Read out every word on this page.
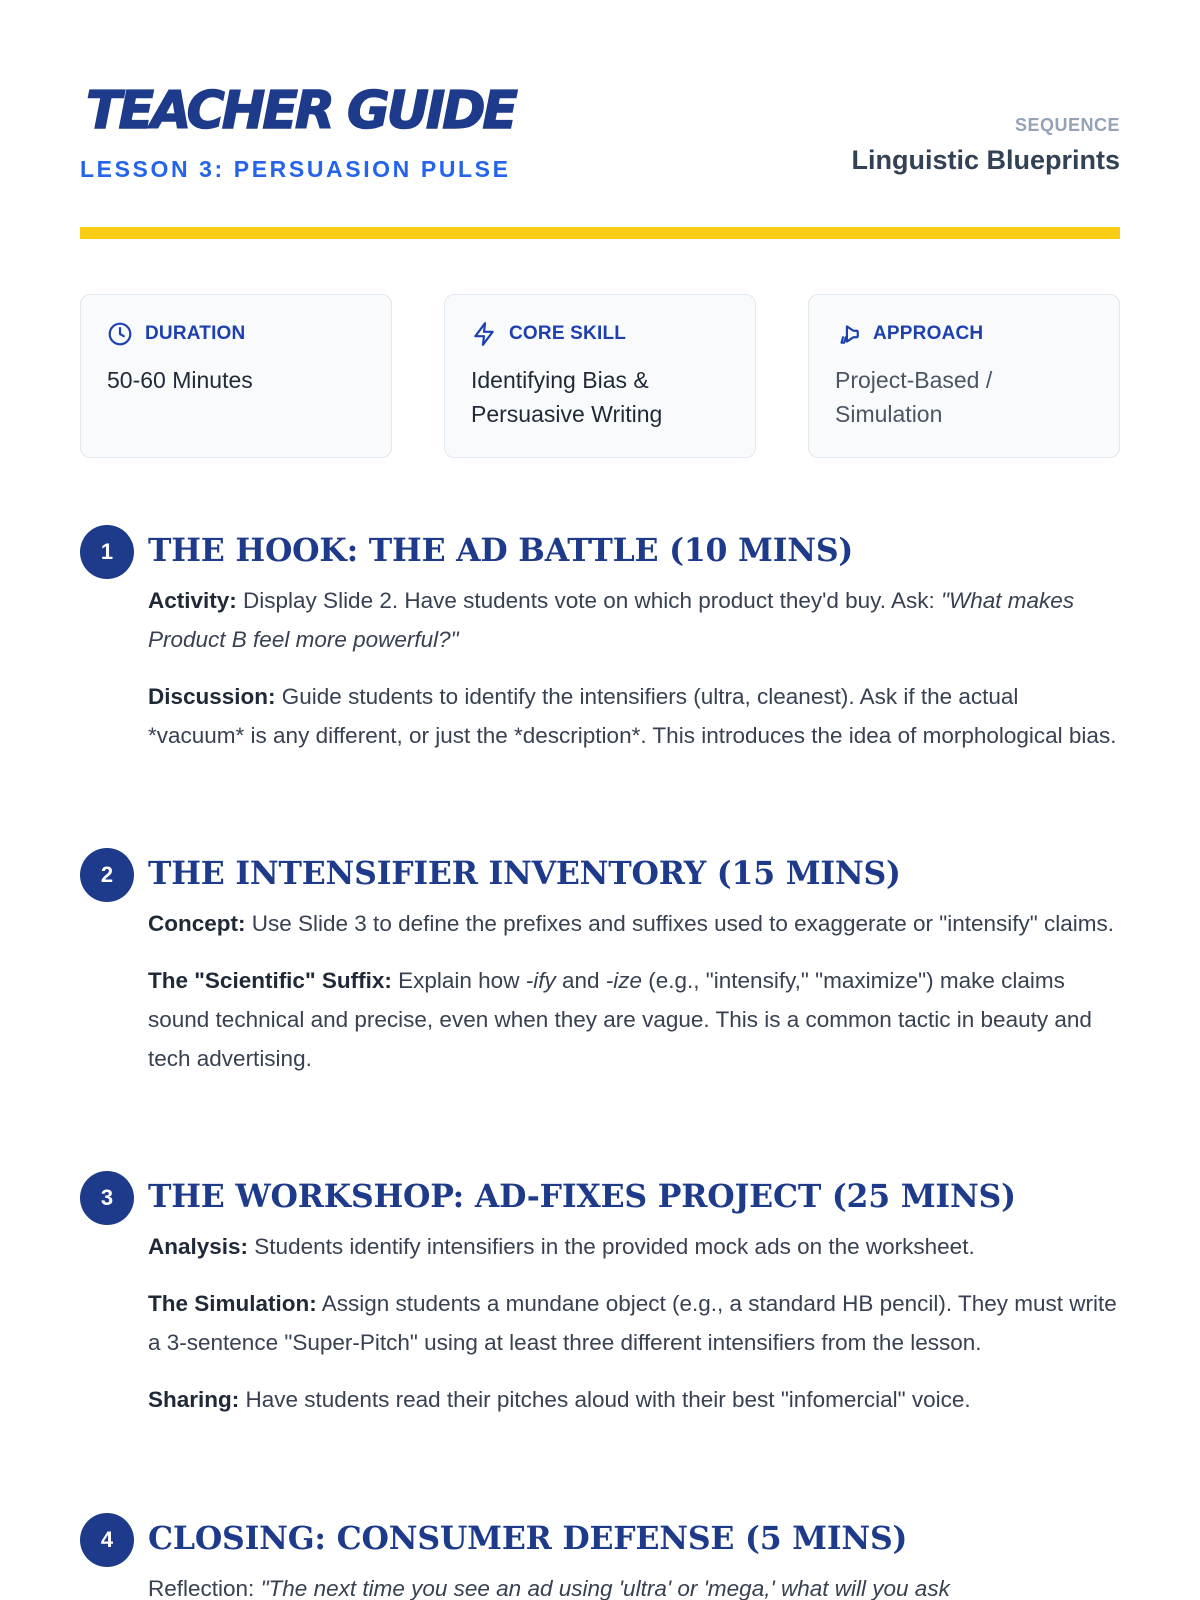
TEACHER GUIDE
LESSON 3: PERSUASION PULSE
SEQUENCE
Linguistic Blueprints
DURATION
50-60 Minutes
CORE SKILL
Identifying Bias & Persuasive Writing
APPROACH
Project-Based / Simulation
1	THE HOOK: THE AD BATTLE (10 MINS)

Activity: Display Slide 2. Have students vote on which product they'd buy. Ask: "What makes Product B feel more powerful?"

Discussion: Guide students to identify the intensifiers (ultra, cleanest). Ask if the actual *vacuum* is any different, or just the *description*. This introduces the idea of morphological bias.

2	THE INTENSIFIER INVENTORY (15 MINS)

Concept: Use Slide 3 to define the prefixes and suffixes used to exaggerate or "intensify" claims.

The "Scientific" Suffix: Explain how -ify and -ize (e.g., "intensify," "maximize") make claims sound technical and precise, even when they are vague. This is a common tactic in beauty and tech advertising.

3	THE WORKSHOP: AD-FIXES PROJECT (25 MINS)

Analysis: Students identify intensifiers in the provided mock ads on the worksheet.

The Simulation: Assign students a mundane object (e.g., a standard HB pencil). They must write a 3-sentence "Super-Pitch" using at least three different intensifiers from the lesson.

Sharing: Have students read their pitches aloud with their best "infomercial" voice.

4	CLOSING: CONSUMER DEFENSE (5 MINS)

Reflection: "The next time you see an ad using 'ultra' or 'mega,' what will you ask
